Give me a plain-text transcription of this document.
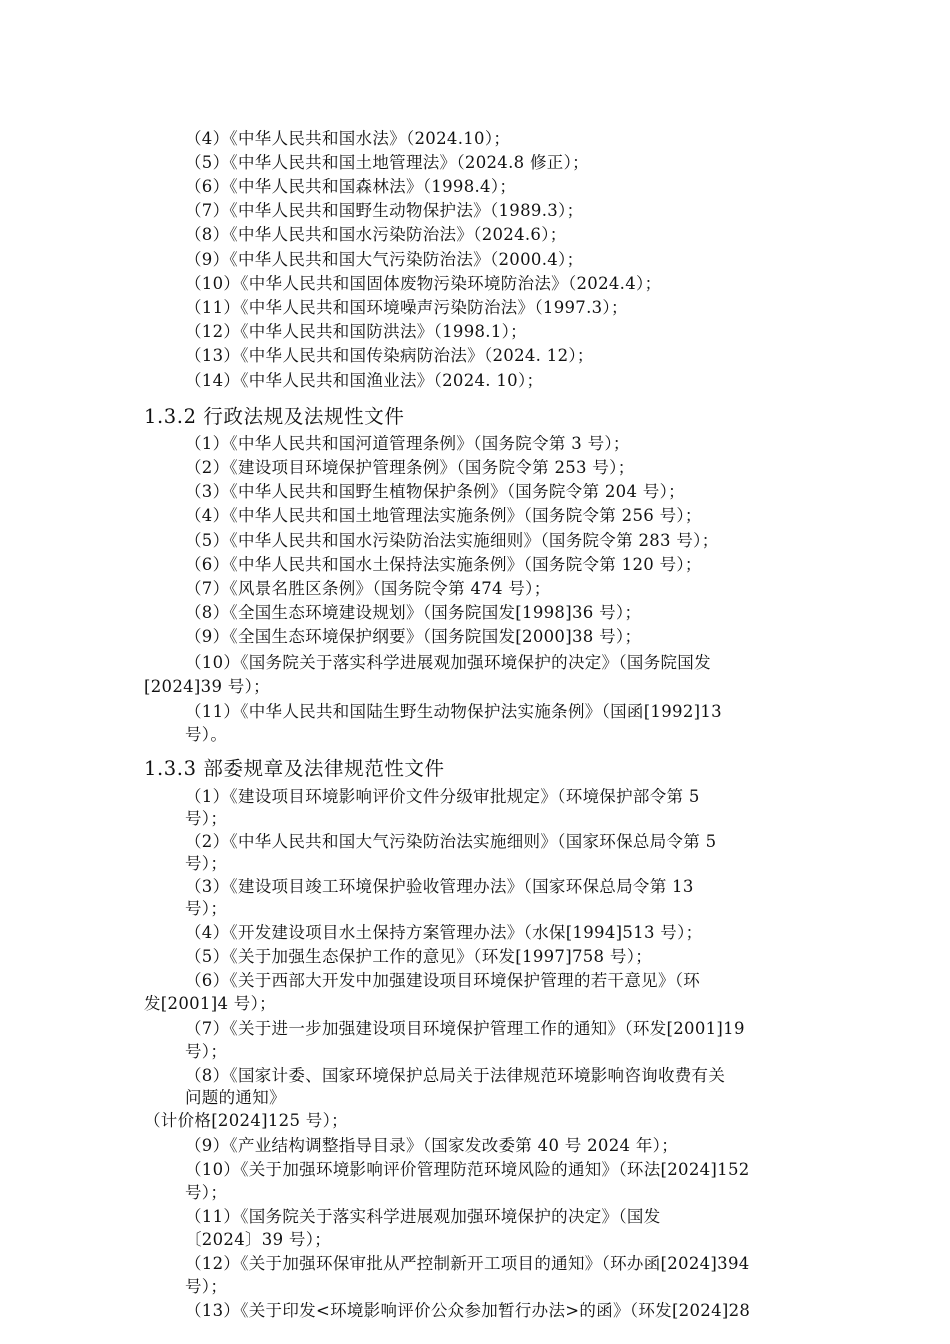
（4）《中华人民共和国水法》（2024.10）；
（5）《中华人民共和国土地管理法》（2024.8 修正）；
（6）《中华人民共和国森林法》（1998.4）；
（7）《中华人民共和国野生动物保护法》（1989.3）；
（8）《中华人民共和国水污染防治法》（2024.6）；
（9）《中华人民共和国大气污染防治法》（2000.4）；
（10）《中华人民共和国固体废物污染环境防治法》（2024.4）；
（11）《中华人民共和国环境噪声污染防治法》（1997.3）；
（12）《中华人民共和国防洪法》（1998.1）；
（13）《中华人民共和国传染病防治法》（2024. 12）；
（14）《中华人民共和国渔业法》（2024. 10）；
1.3.2 行政法规及法规性文件
（1）《中华人民共和国河道管理条例》（国务院令第 3 号）；
（2）《建设项目环境保护管理条例》（国务院令第 253 号）；
（3）《中华人民共和国野生植物保护条例》（国务院令第 204 号）；
（4）《中华人民共和国土地管理法实施条例》（国务院令第 256 号）；
（5）《中华人民共和国水污染防治法实施细则》（国务院令第 283 号）；
（6）《中华人民共和国水土保持法实施条例》（国务院令第 120 号）；
（7）《风景名胜区条例》（国务院令第 474 号）；
（8）《全国生态环境建设规划》（国务院国发[1998]36 号）；
（9）《全国生态环境保护纲要》（国务院国发[2000]38 号）；
（10）《国务院关于落实科学进展观加强环境保护的决定》（国务院国发
[2024]39 号）；
（11）《中华人民共和国陆生野生动物保护法实施条例》（国函[1992]13
号）。
1.3.3 部委规章及法律规范性文件
（1）《建设项目环境影响评价文件分级审批规定》（环境保护部令第 5
号）；
（2）《中华人民共和国大气污染防治法实施细则》（国家环保总局令第 5
号）；
（3）《建设项目竣工环境保护验收管理办法》（国家环保总局令第 13
号）；
（4）《开发建设项目水土保持方案管理办法》（水保[1994]513 号）；
（5）《关于加强生态保护工作的意见》（环发[1997]758 号）；
（6）《关于西部大开发中加强建设项目环境保护管理的若干意见》（环
发[2001]4 号）；
（7）《关于进一步加强建设项目环境保护管理工作的通知》（环发[2001]19
号）；
（8）《国家计委、国家环境保护总局关于法律规范环境影响咨询收费有关
问题的通知》
（计价格[2024]125 号）；
（9）《产业结构调整指导目录》（国家发改委第 40 号 2024 年）；
（10）《关于加强环境影响评价管理防范环境风险的通知》（环法[2024]152
号）；
（11）《国务院关于落实科学进展观加强环境保护的决定》（国发
〔2024〕39 号）；
（12）《关于加强环保审批从严控制新开工项目的通知》（环办函[2024]394
号）；
（13）《关于印发<环境影响评价公众参加暂行办法>的函》（环发[2024]28
